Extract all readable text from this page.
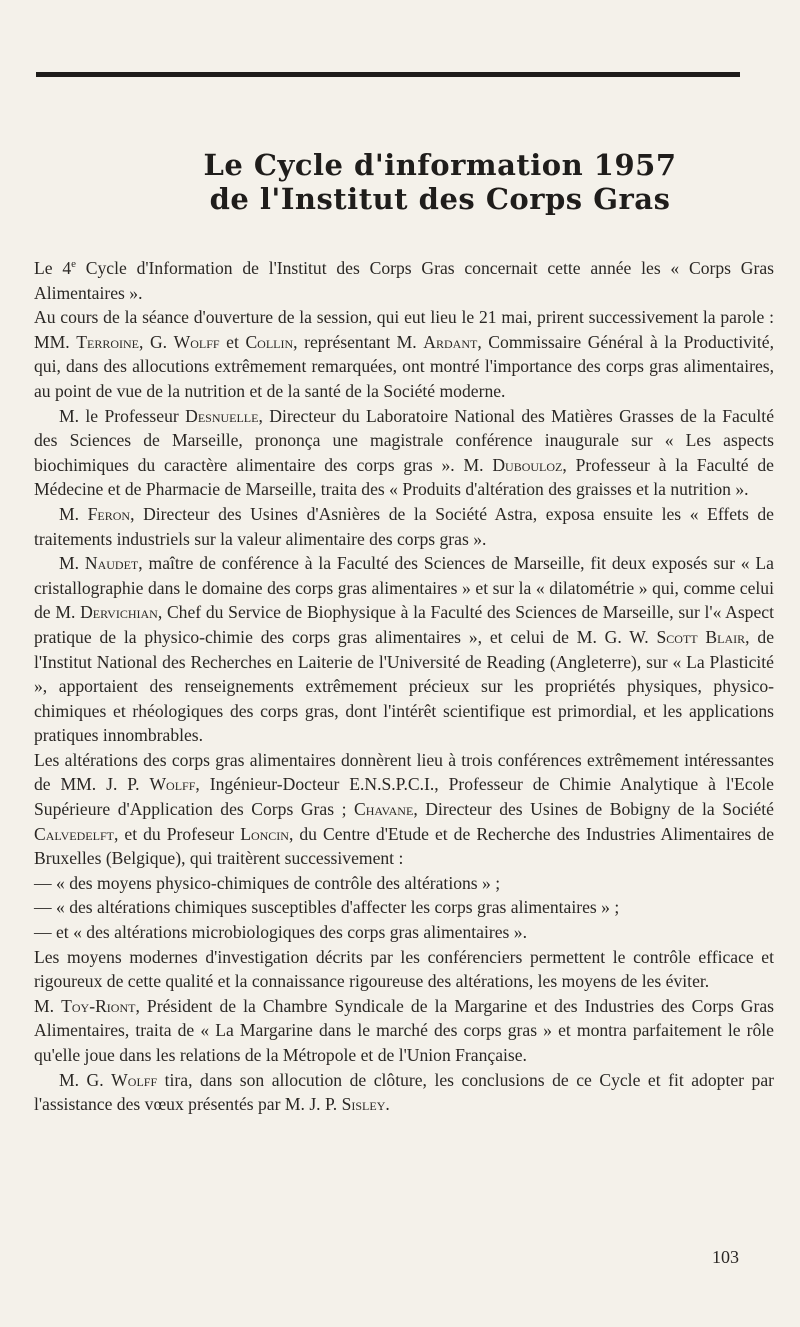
Le Cycle d'information 1957
de l'Institut des Corps Gras

Le 4e Cycle d'Information de l'Institut des Corps Gras concernait cette année les « Corps Gras Alimentaires ».

Au cours de la séance d'ouverture de la session, qui eut lieu le 21 mai, prirent successivement la parole : MM. Terroine, G. Wolff et Collin, représentant M. Ardant, Commissaire Général à la Productivité, qui, dans des allocutions extrêmement remarquées, ont montré l'importance des corps gras alimentaires, au point de vue de la nutrition et de la santé de la Société moderne.

M. le Professeur Desnuelle, Directeur du Laboratoire National des Matières Grasses de la Faculté des Sciences de Marseille, prononça une magistrale conférence inaugurale sur « Les aspects biochimiques du caractère alimentaire des corps gras ». M. Dubouloz, Professeur à la Faculté de Médecine et de Pharmacie de Marseille, traita des « Produits d'altération des graisses et la nutrition ».

M. Feron, Directeur des Usines d'Asnières de la Société Astra, exposa ensuite les « Effets de traitements industriels sur la valeur alimentaire des corps gras ».

M. Naudet, maître de conférence à la Faculté des Sciences de Marseille, fit deux exposés sur « La cristallographie dans le domaine des corps gras alimentaires » et sur la « dilatométrie » qui, comme celui de M. Dervichian, Chef du Service de Biophysique à la Faculté des Sciences de Marseille, sur l'« Aspect pratique de la physico-chimie des corps gras alimentaires », et celui de M. G. W. Scott Blair, de l'Institut National des Recherches en Laiterie de l'Université de Reading (Angleterre), sur « La Plasticité », apportaient des renseignements extrêmement précieux sur les propriétés physiques, physico-chimiques et rhéologiques des corps gras, dont l'intérêt scientifique est primordial, et les applications pratiques innombrables.

Les altérations des corps gras alimentaires donnèrent lieu à trois conférences extrêmement intéressantes de MM. J. P. Wolff, Ingénieur-Docteur E.N.S.P.C.I., Professeur de Chimie Analytique à l'Ecole Supérieure d'Application des Corps Gras ; Chavane, Directeur des Usines de Bobigny de la Société Calvedelft, et du Profeseur Loncin, du Centre d'Etude et de Recherche des Industries Alimentaires de Bruxelles (Belgique), qui traitèrent successivement :

— « des moyens physico-chimiques de contrôle des altérations » ;

— « des altérations chimiques susceptibles d'affecter les corps gras alimentaires » ;

— et « des altérations microbiologiques des corps gras alimentaires ».

Les moyens modernes d'investigation décrits par les conférenciers permettent le contrôle efficace et rigoureux de cette qualité et la connaissance rigoureuse des altérations, les moyens de les éviter.

M. Toy-Riont, Président de la Chambre Syndicale de la Margarine et des Industries des Corps Gras Alimentaires, traita de « La Margarine dans le marché des corps gras » et montra parfaitement le rôle qu'elle joue dans les relations de la Métropole et de l'Union Française.

M. G. Wolff tira, dans son allocution de clôture, les conclusions de ce Cycle et fit adopter par l'assistance des vœux présentés par M. J. P. Sisley.

103
